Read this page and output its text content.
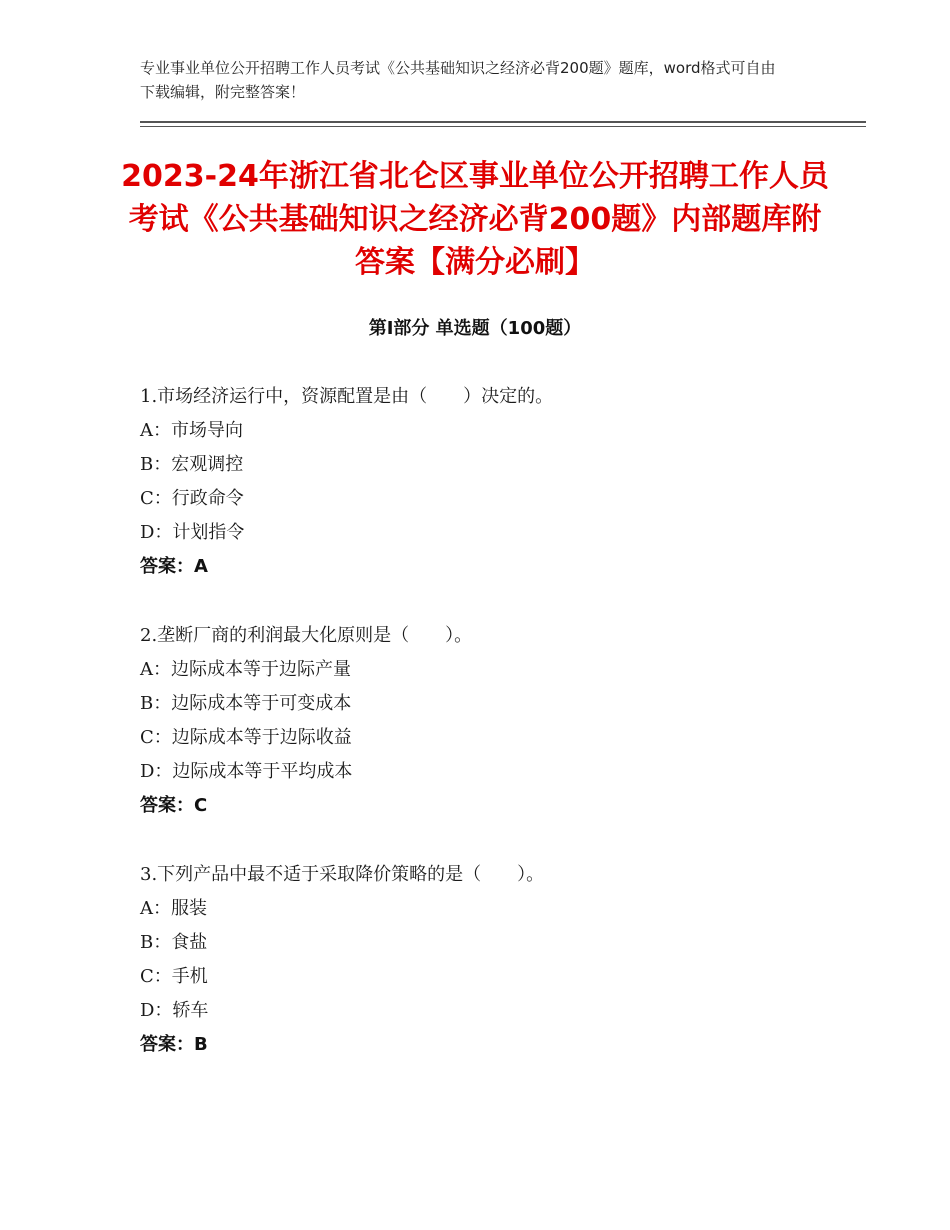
专业事业单位公开招聘工作人员考试《公共基础知识之经济必背200题》题库，word格式可自由下载编辑，附完整答案！
2023-24年浙江省北仑区事业单位公开招聘工作人员考试《公共基础知识之经济必背200题》内部题库附答案【满分必刷】
第Ⅰ部分 单选题（100题）
1.市场经济运行中，资源配置是由（　　）决定的。
A：市场导向
B：宏观调控
C：行政命令
D：计划指令
答案：A
2.垄断厂商的利润最大化原则是（　　）。
A：边际成本等于边际产量
B：边际成本等于可变成本
C：边际成本等于边际收益
D：边际成本等于平均成本
答案：C
3.下列产品中最不适于采取降价策略的是（　　）。
A：服装
B：食盐
C：手机
D：轿车
答案：B
